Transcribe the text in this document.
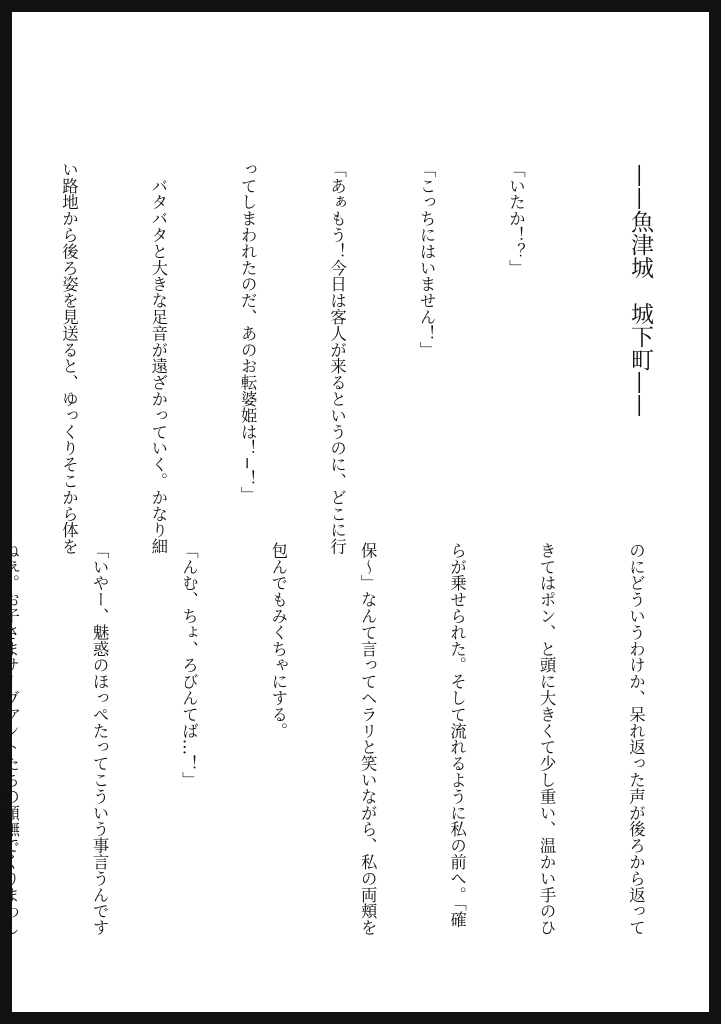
——魚津城　城下町——

「いたか！？」

「こっちにはいません！」

「あぁもう！今日は客人が来るというのに、どこに行

ってしまわれたのだ、あのお転婆姫は！−！」

　バタバタと大きな足音が遠ざかっていく。かなり細

い路地から後ろ姿を見送ると、ゆっくりそこから体を

のにどういうわけか、呆れ返った声が後ろから返って

きてはポン、と頭に大きくて少し重い、温かい手のひ

らが乗せられた。そして流れるように私の前へ。「確

保〜」なんて言ってヘラリと笑いながら、私の両頬を

包んでもみくちゃにする。

「んむ、ちょ、ろびんてば…！」

「いやー、魅惑のほっぺたってこういう事言うんです

ねぇ。お子さまサーヴァントたちの顔撫でくりまわし
